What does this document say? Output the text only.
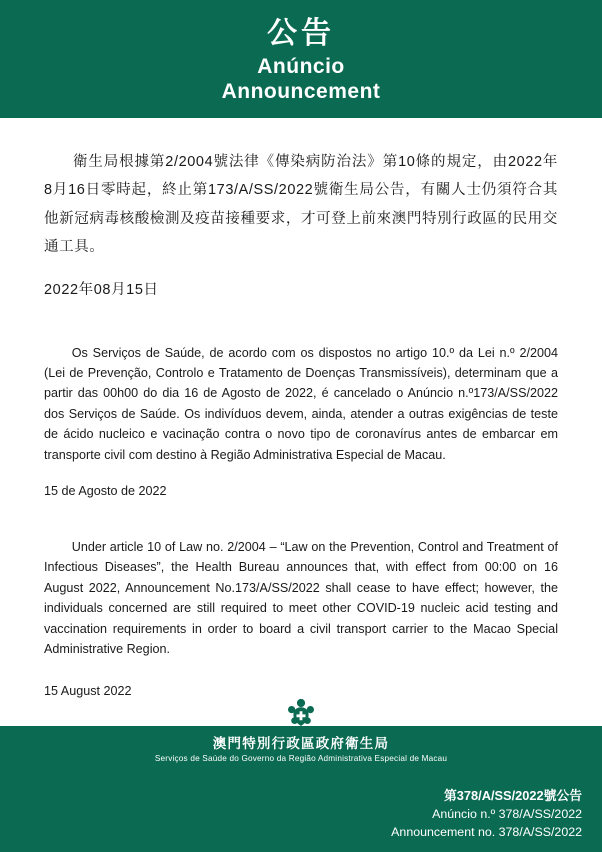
公告
Anúncio
Announcement

衛生局根據第2/2004號法律《傳染病防治法》第10條的規定，由2022年8月16日零時起，終止第173/A/SS/2022號衛生局公告，有關人士仍須符合其他新冠病毒核酸檢測及疫苗接種要求，才可登上前來澳門特別行政區的民用交通工具。

2022年08月15日

Os Serviços de Saúde, de acordo com os dispostos no artigo 10.º da Lei n.º 2/2004 (Lei de Prevenção, Controlo e Tratamento de Doenças Transmissíveis), determinam que a partir das 00h00 do dia 16 de Agosto de 2022, é cancelado o Anúncio n.º173/A/SS/2022 dos Serviços de Saúde. Os indivíduos devem, ainda, atender a outras exigências de teste de ácido nucleico e vacinação contra o novo tipo de coronavírus antes de embarcar em transporte civil com destino à Região Administrativa Especial de Macau.

15 de Agosto de 2022

Under article 10 of Law no. 2/2004 – “Law on the Prevention, Control and Treatment of Infectious Diseases”, the Health Bureau announces that, with effect from 00:00 on 16 August 2022, Announcement No.173/A/SS/2022 shall cease to have effect; however, the individuals concerned are still required to meet other COVID-19 nucleic acid testing and vaccination requirements in order to board a civil transport carrier to the Macao Special Administrative Region.

15 August 2022

澳門特別行政區政府衛生局
Serviços de Saúde do Governo da Região Administrativa Especial de Macau
第378/A/SS/2022號公告
Anúncio n.º 378/A/SS/2022
Announcement no. 378/A/SS/2022
